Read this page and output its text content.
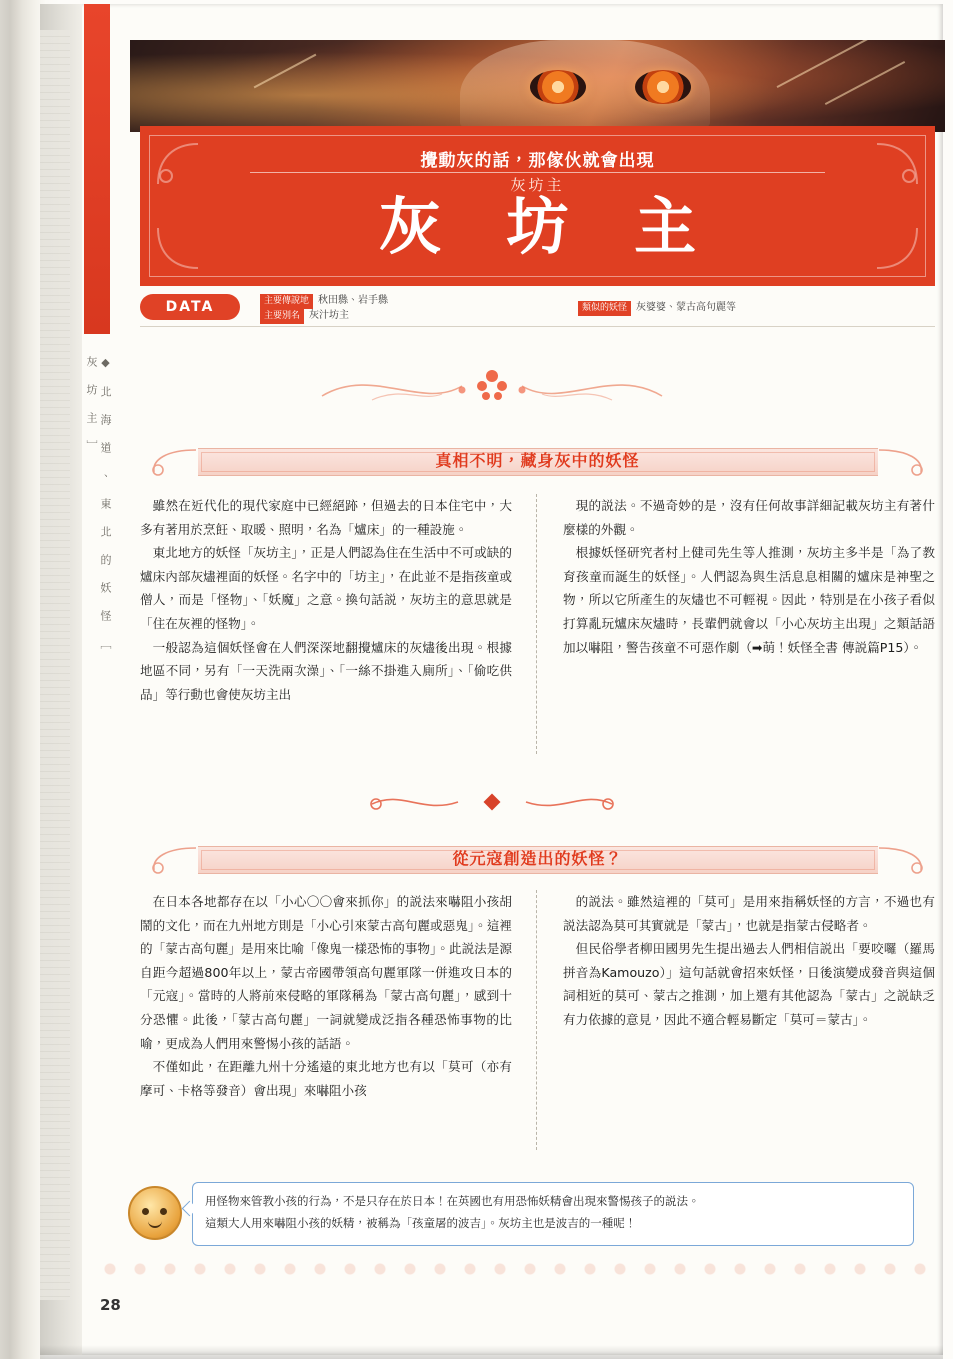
◆ 北 海 道 、 東 北 的 妖 怪 ［ 灰 坊 主 ］
攪動灰的話，那傢伙就會出現
灰坊主
灰 坊 主
DATA	主要傳說地 秋田縣、岩手縣
主要別名 灰汁坊主
類似的妖怪 灰婆婆、蒙古高句麗等
真相不明，藏身灰中的妖怪

雖然在近代化的現代家庭中已經絕跡，但過去的日本住宅中，大多有著用於烹飪、取暖、照明，名為「爐床」的一種設施。

東北地方的妖怪「灰坊主」，正是人們認為住在生活中不可或缺的爐床內部灰燼裡面的妖怪。名字中的「坊主」，在此並不是指孩童或僧人，而是「怪物」、「妖魔」之意。換句話説，灰坊主的意思就是「住在灰裡的怪物」。

一般認為這個妖怪會在人們深深地翻攪爐床的灰燼後出現。根據地區不同，另有「一天洗兩次澡」、「一絲不掛進入廁所」、「偷吃供品」等行動也會使灰坊主出

現的説法。不過奇妙的是，沒有任何故事詳細記載灰坊主有著什麼樣的外觀。

根據妖怪研究者村上健司先生等人推測，灰坊主多半是「為了教育孩童而誕生的妖怪」。人們認為與生活息息相關的爐床是神聖之物，所以它所產生的灰燼也不可輕視。因此，特別是在小孩子看似打算亂玩爐床灰燼時，長輩們就會以「小心灰坊主出現」之類話語加以嚇阻，警告孩童不可惡作劇（➡萌！妖怪全書 傳説篇P15）。

從元寇創造出的妖怪？

在日本各地都存在以「小心〇〇會來抓你」的説法來嚇阻小孩胡鬧的文化，而在九州地方則是「小心引來蒙古高句麗或惡鬼」。這裡的「蒙古高句麗」是用來比喻「像鬼一樣恐怖的事物」。此説法是源自距今超過800年以上，蒙古帝國帶領高句麗軍隊一併進攻日本的「元寇」。當時的人將前來侵略的軍隊稱為「蒙古高句麗」，感到十分恐懼。此後，「蒙古高句麗」一詞就變成泛指各種恐怖事物的比喻，更成為人們用來警惕小孩的話語。

不僅如此，在距離九州十分遙遠的東北地方也有以「莫可（亦有摩可、卡格等發音）會出現」來嚇阻小孩

的説法。雖然這裡的「莫可」是用來指稱妖怪的方言，不過也有説法認為莫可其實就是「蒙古」，也就是指蒙古侵略者。

但民俗學者柳田國男先生提出過去人們相信説出「要咬囉（羅馬拼音為Kamouzo）」這句話就會招來妖怪，日後演變成發音與這個詞相近的莫可、蒙古之推測，加上還有其他認為「蒙古」之説缺乏有力依據的意見，因此不適合輕易斷定「莫可＝蒙古」。

用怪物來管教小孩的行為，不是只存在於日本！在英國也有用恐怖妖精會出現來警惕孩子的説法。

這類大人用來嚇阻小孩的妖精，被稱為「孩童屠的波吉」。灰坊主也是波吉的一種呢！

28
